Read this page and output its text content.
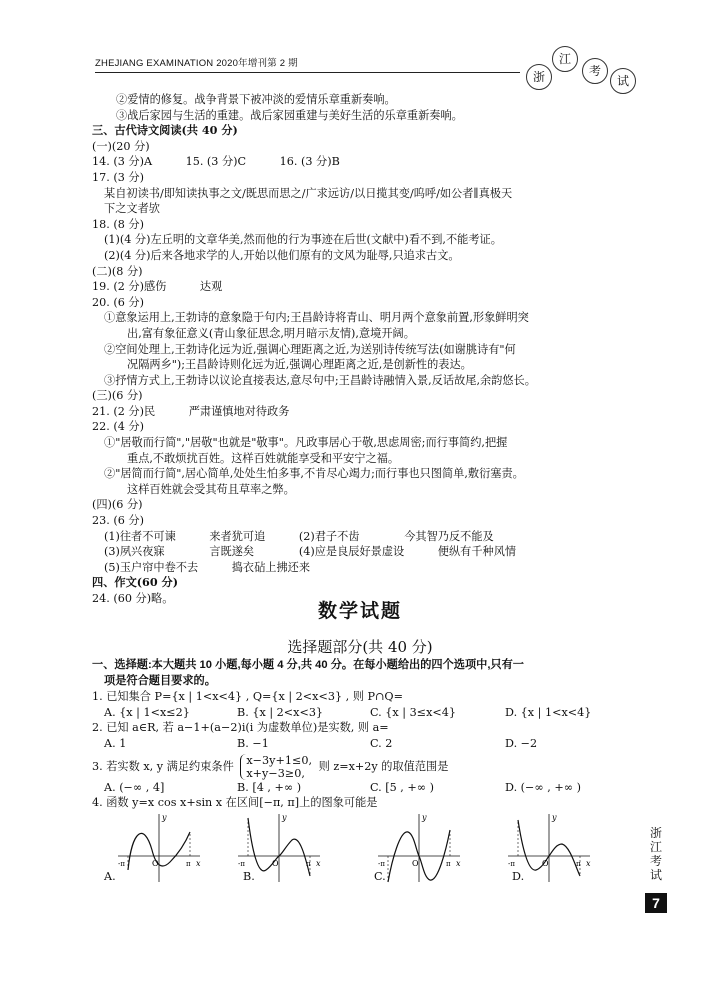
ZHEJIANG EXAMINATION 2020年增刊第 2 期
浙
江
考
试
②爱情的修复。战争背景下被冲淡的爱情乐章重新奏响。
③战后家园与生活的重建。战后家园重建与美好生活的乐章重新奏响。
三、古代诗文阅读(共 40 分)
(一)(20 分)
14. (3 分)A　　　15. (3 分)C　　　16. (3 分)B
17. (3 分)
某自初读书/即知读执事之文/既思而思之/广求远访/以日揽其变/呜呼/如公者∥真极天
下之文者欤
18. (8 分)
(1)(4 分)左丘明的文章华美,然而他的行为事迹在后世(文献中)看不到,不能考证。
(2)(4 分)后来各地求学的人,开始以他们原有的文风为耻辱,只追求古文。
(二)(8 分)
19. (2 分)感伤　　　达观
20. (6 分)
①意象运用上,王勃诗的意象隐于句内;王昌龄诗将青山、明月两个意象前置,形象鲜明突
出,富有象征意义(青山象征思念,明月暗示友情),意境开阔。
②空间处理上,王勃诗化远为近,强调心理距离之近,为送别诗传统写法(如谢朓诗有"何
况隔两乡");王昌龄诗则化远为近,强调心理距离之近,是创新性的表达。
③抒情方式上,王勃诗以议论直接表达,意尽句中;王昌龄诗融情入景,反话故尾,余韵悠长。
(三)(6 分)
21. (2 分)民　　　严肃谨慎地对待政务
22. (4 分)
①"居敬而行简","居敬"也就是"敬事"。凡政事居心于敬,思虑周密;而行事简约,把握
重点,不敢烦扰百姓。这样百姓就能享受和平安宁之福。
②"居简而行简",居心简单,处处生怕多事,不肯尽心竭力;而行事也只图简单,敷衍塞责。
这样百姓就会受其苟且草率之弊。
(四)(6 分)
23. (6 分)
(1)往者不可谏　　　来者犹可追　　　(2)君子不齿　　　　今其智乃反不能及
(3)夙兴夜寐　　　　言既遂矣　　　　(4)应是良辰好景虚设　　　便纵有千种风情
(5)玉户帘中卷不去　　　捣衣砧上拂还来
四、作文(60 分)
24. (60 分)略。
数学试题
选择题部分(共 40 分)
一、选择题:本大题共 10 小题,每小题 4 分,共 40 分。在每小题给出的四个选项中,只有一
项是符合题目要求的。
1. 已知集合 P={x | 1<x<4} , Q={x | 2<x<3} , 则 P∩Q=
A. {x | 1<x≤2}	B. {x | 2<x<3}	C. {x | 3≤x<4}	D. {x | 1<x<4}
2. 已知 a∈R, 若 a−1+(a−2)i(i 为虚数单位)是实数, 则 a=
A. 1	B. −1	C. 2	D. −2
3. 若实数 x, y 满足约束条件 x−3y+1≤0,
x+y−3≥0,
则 z=x+2y 的取值范围是
A. (−∞ , 4]	B. [4 , +∞ )	C. [5 , +∞ )	D. (−∞ , +∞ )
4. 函数 y=x cos x+sin x 在区间[−π, π]上的图象可能是
y
x
O
-π	π
y
x
O
-π	π
y
x
O
-π	π
y
x
O
-π	π
A.	B.	C.	D.
浙江考试
7
